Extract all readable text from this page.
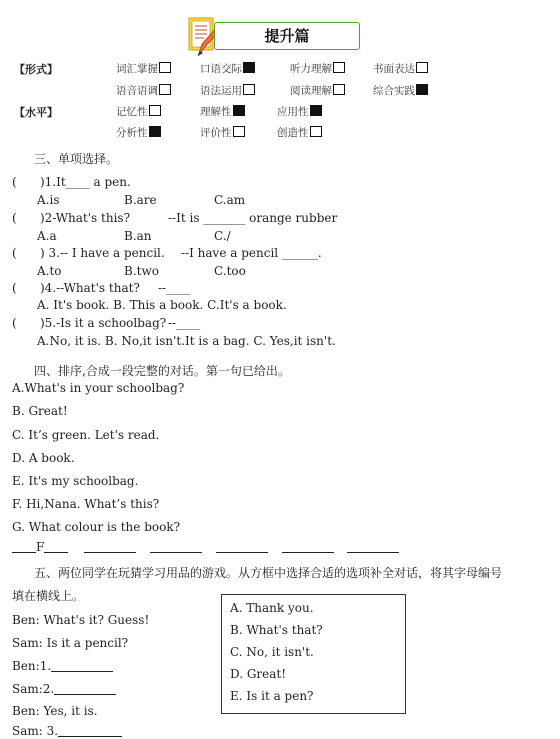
提升篇
【形式】	词汇掌握	口语交际	听力理解	书面表达
语音语调	语法运用	阅读理解	综合实践
【水平】	记忆性	理解性	应用性
分析性	评价性	创造性
三、单项选择。
( )1.It____ a pen.
A.is	B.are	C.am
( )2-What's this?	--It is _______ orange rubber
A.a	B.an	C./
( ) 3.-- I have a pencil. --I have a pencil ______.
A.to	B.two	C.too
( )4.--What's that? --____
A. It's book. B. This a book. C.It's a book.
( )5.-Is it a schoolbag? --____
A.No, it is. B. No,it isn't.It is a bag. C. Yes,it isn't.
四、排序,合成一段完整的对话。第一句已给出。
A.What's in your schoolbag?
B. Great!
C. It’s green. Let's read.
D. A book.
E. It's my schoolbag.
F. Hi,Nana. What’s this?
G. What colour is the book?
F
五、两位同学在玩猜学习用品的游戏。从方框中选择合适的选项补全对话，将其字母编号
填在横线上。
Ben: What's it? Guess!
Sam: Is it a pencil?
Ben:1.
Sam:2.
Ben: Yes, it is.
Sam: 3.
A. Thank you.
B. What's that?
C. No, it isn't.
D. Great!
E. Is it a pen?
